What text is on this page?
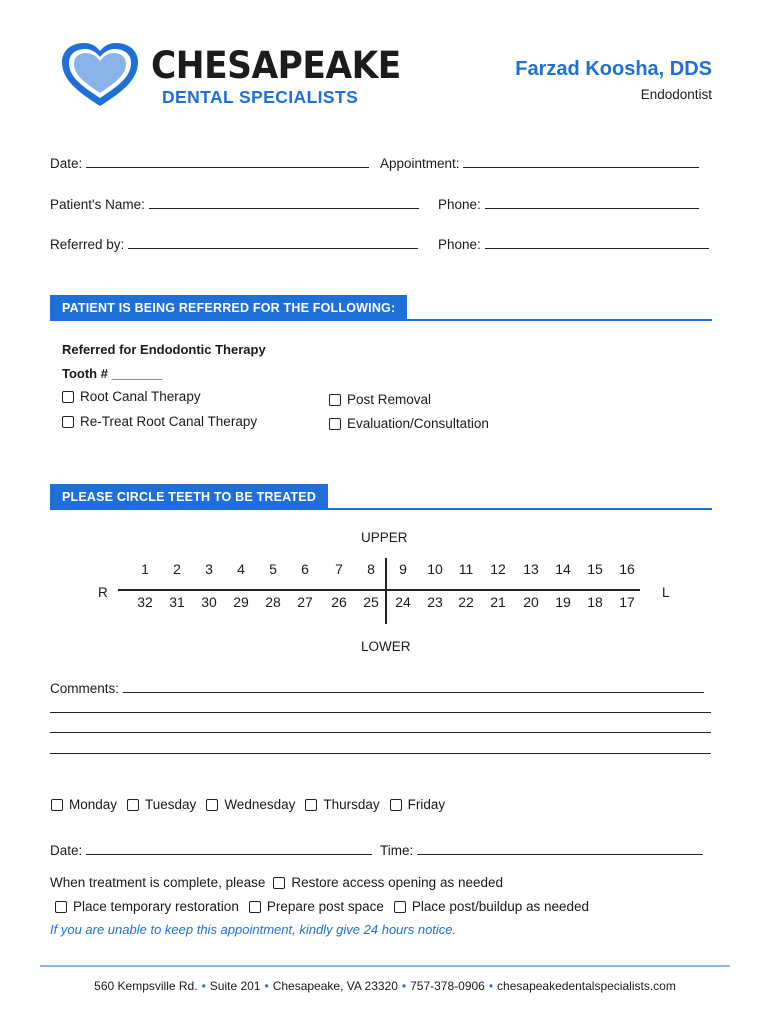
CHESAPEAKE
DENTAL SPECIALISTS
Farzad Koosha, DDS
Endodontist
Date:	Appointment:
Patient's Name:	Phone:
Referred by:	Phone:
PATIENT IS BEING REFERRED FOR THE FOLLOWING:
Referred for Endodontic Therapy
Tooth # _______
Root Canal Therapy
Re-Treat Root Canal Therapy
Post Removal
Evaluation/Consultation
PLEASE CIRCLE TEETH TO BE TREATED
UPPER
LOWER
R	L
1	2	3	4	5	6	7	8	9	10	11	12	13	14	15	16
32	31	30	29	28	27	26	25	24	23	22	21	20	19	18	17
Comments:
Monday Tuesday Wednesday Thursday Friday
Date:	Time:
When treatment is complete, please Restore access opening as needed
Place temporary restoration Prepare post space Place post/buildup as needed
If you are unable to keep this appointment, kindly give 24 hours notice.
560 Kempsville Rd. • Suite 201 • Chesapeake, VA 23320 • 757-378-0906 • chesapeakedentalspecialists.com
